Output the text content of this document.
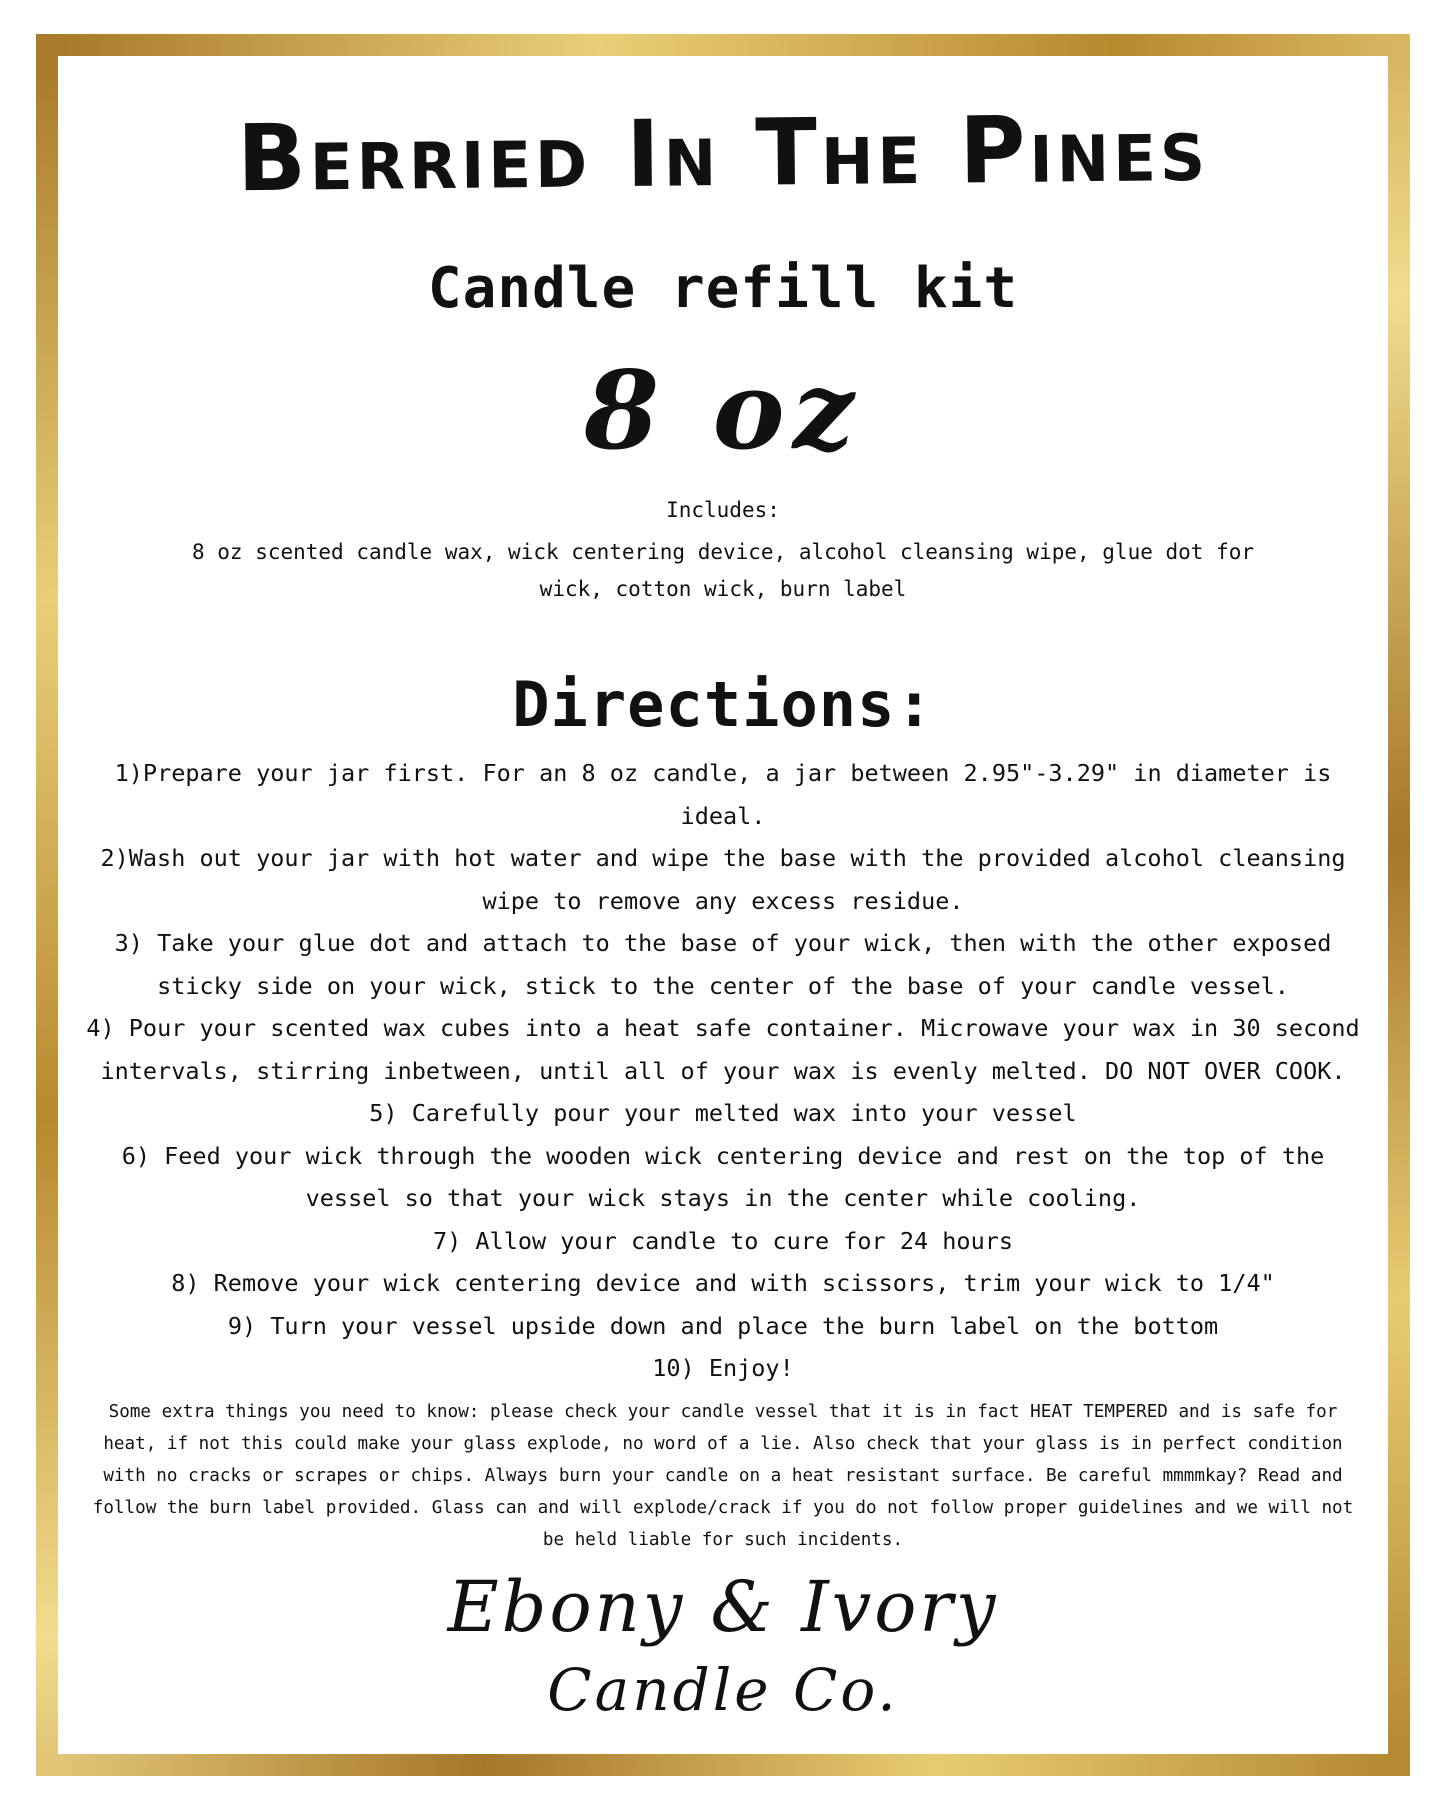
Berried In The Pines
Candle refill kit
8 oz
Includes:
8 oz scented candle wax, wick centering device, alcohol cleansing wipe, glue dot for wick, cotton wick, burn label
Directions:
1)Prepare your jar first. For an 8 oz candle, a jar between 2.95"-3.29" in diameter is ideal.
2)Wash out your jar with hot water and wipe the base with the provided alcohol cleansing wipe to remove any excess residue.
3) Take your glue dot and attach to the base of your wick, then with the other exposed sticky side on your wick, stick to the center of the base of your candle vessel.
4) Pour your scented wax cubes into a heat safe container. Microwave your wax in 30 second intervals, stirring inbetween, until all of your wax is evenly melted. DO NOT OVER COOK.
5) Carefully pour your melted wax into your vessel
6) Feed your wick through the wooden wick centering device and rest on the top of the vessel so that your wick stays in the center while cooling.
7) Allow your candle to cure for 24 hours
8) Remove your wick centering device and with scissors, trim your wick to 1/4"
9) Turn your vessel upside down and place the burn label on the bottom
10) Enjoy!
Some extra things you need to know: please check your candle vessel that it is in fact HEAT TEMPERED and is safe for heat, if not this could make your glass explode, no word of a lie. Also check that your glass is in perfect condition with no cracks or scrapes or chips. Always burn your candle on a heat resistant surface. Be careful mmmmkay? Read and follow the burn label provided. Glass can and will explode/crack if you do not follow proper guidelines and we will not be held liable for such incidents.
Ebony & Ivory
Candle Co.
